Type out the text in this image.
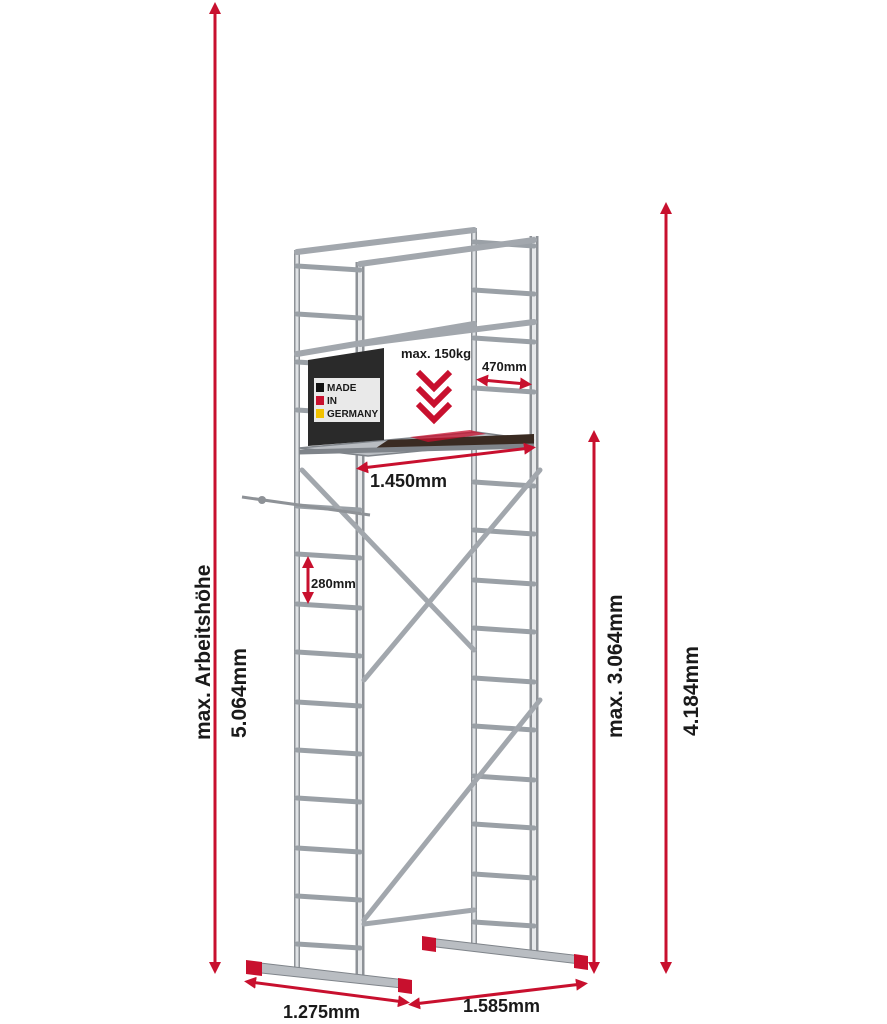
MADE
IN
GERMANY
max. 150kg
max. Arbeitshöhe 5.064mm	max. 3.064mm	4.184mm
1.450mm
280mm
470mm
1.275mm	1.585mm
